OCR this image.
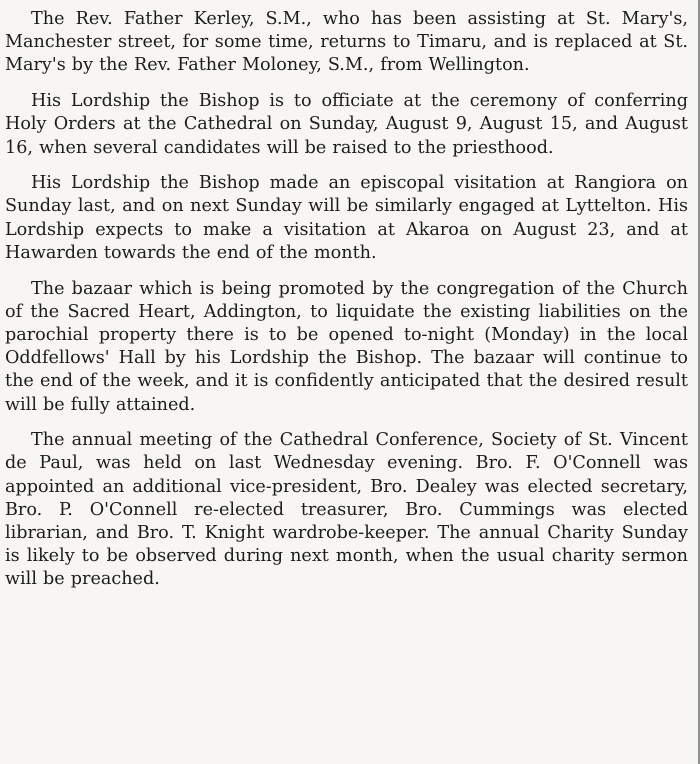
The Rev. Father Kerley, S.M., who has been assisting at St. Mary's, Manchester street, for some time, returns to Timaru, and is replaced at St. Mary's by the Rev. Father Moloney, S.M., from Wellington.

His Lordship the Bishop is to officiate at the ceremony of conferring Holy Orders at the Cathedral on Sunday, August 9, August 15, and August 16, when several candidates will be raised to the priesthood.

His Lordship the Bishop made an episcopal visitation at Rangiora on Sunday last, and on next Sunday will be similarly engaged at Lyttelton. His Lordship expects to make a visitation at Akaroa on August 23, and at Hawarden towards the end of the month.

The bazaar which is being promoted by the congregation of the Church of the Sacred Heart, Addington, to liquidate the existing liabilities on the parochial property there is to be opened to-night (Monday) in the local Oddfellows' Hall by his Lordship the Bishop. The bazaar will continue to the end of the week, and it is confidently anticipated that the desired result will be fully attained.

The annual meeting of the Cathedral Conference, Society of St. Vincent de Paul, was held on last Wednesday evening. Bro. F. O'Connell was appointed an additional vice-president, Bro. Dealey was elected secretary, Bro. P. O'Connell re-elected treasurer, Bro. Cummings was elected librarian, and Bro. T. Knight wardrobe-keeper. The annual Charity Sunday is likely to be observed during next month, when the usual charity sermon will be preached.
